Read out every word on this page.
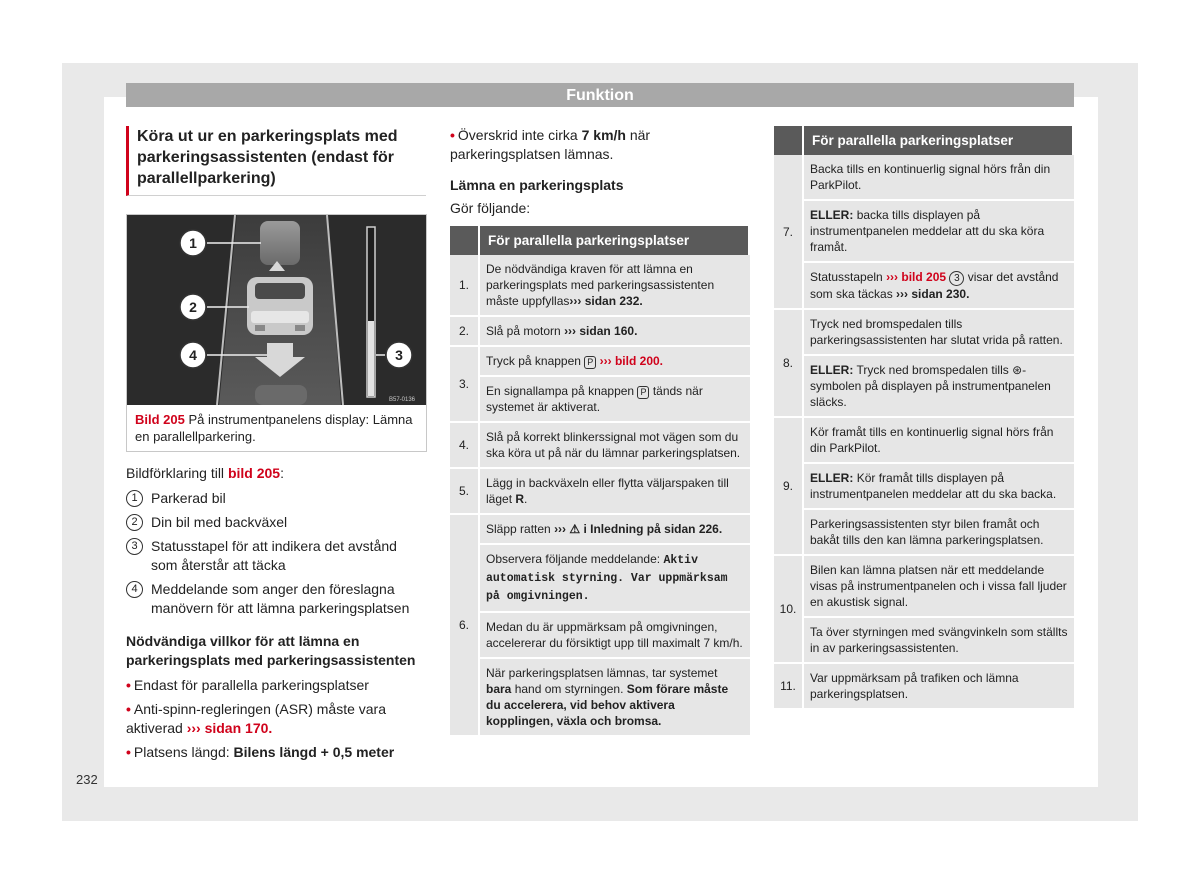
Funktion
Köra ut ur en parkeringsplats med parkeringsassistenten (endast för parallellparkering)
1
2
3
4
B57-0136
Bild 205 På instrumentpanelens display: Lämna en parallellparkering.

Bildförklaring till bild 205:

1 Parkerad bil
2 Din bil med backväxel
3 Statusstapel för att indikera det avstånd som återstår att täcka
4 Meddelande som anger den föreslagna manövern för att lämna parkeringsplatsen

Nödvändiga villkor för att lämna en parkeringsplats med parkeringsassistenten

• Endast för parallella parkeringsplatser
• Anti-spinn-regleringen (ASR) måste vara aktiverad ››› sidan 170.
• Platsens längd: Bilens längd + 0,5 meter

• Överskrid inte cirka 7 km/h när parkeringsplatsen lämnas.

Lämna en parkeringsplats

Gör följande:

	För parallella parkeringsplatser
1.	De nödvändiga kraven för att lämna en parkeringsplats med parkeringsassistenten måste uppfyllas››› sidan 232.
2.	Slå på motorn ››› sidan 160.
3.	Tryck på knappen P ››› bild 200.
	En signallampa på knappen P tänds när systemet är aktiverat.
4.	Slå på korrekt blinkerssignal mot vägen som du ska köra ut på när du lämnar parkeringsplatsen.
5.	Lägg in backväxeln eller flytta väljarspaken till läget R.
6.	Släpp ratten ››› ⚠ i Inledning på sidan 226.
	Observera följande meddelande: Aktiv automatisk styrning. Var uppmärksam på omgivningen.
	Medan du är uppmärksam på omgivningen, accelererar du försiktigt upp till maximalt 7 km/h.
	När parkeringsplatsen lämnas, tar systemet bara hand om styrningen. Som förare måste du accelerera, vid behov aktivera kopplingen, växla och bromsa.
	För parallella parkeringsplatser
7.	Backa tills en kontinuerlig signal hörs från din ParkPilot.
	ELLER: backa tills displayen på instrumentpanelen meddelar att du ska köra framåt.
	Statusstapeln ››› bild 205 3 visar det avstånd som ska täckas ››› sidan 230.
8.	Tryck ned bromspedalen tills parkeringsassistenten har slutat vrida på ratten.
	ELLER: Tryck ned bromspedalen tills ⊛-symbolen på displayen på instrumentpanelen släcks.
9.	Kör framåt tills en kontinuerlig signal hörs från din ParkPilot.
	ELLER: Kör framåt tills displayen på instrumentpanelen meddelar att du ska backa.
	Parkeringsassistenten styr bilen framåt och bakåt tills den kan lämna parkeringsplatsen.
10.	Bilen kan lämna platsen när ett meddelande visas på instrumentpanelen och i vissa fall ljuder en akustisk signal.
	Ta över styrningen med svängvinkeln som ställts in av parkeringsassistenten.
11.	Var uppmärksam på trafiken och lämna parkeringsplatsen.
232
